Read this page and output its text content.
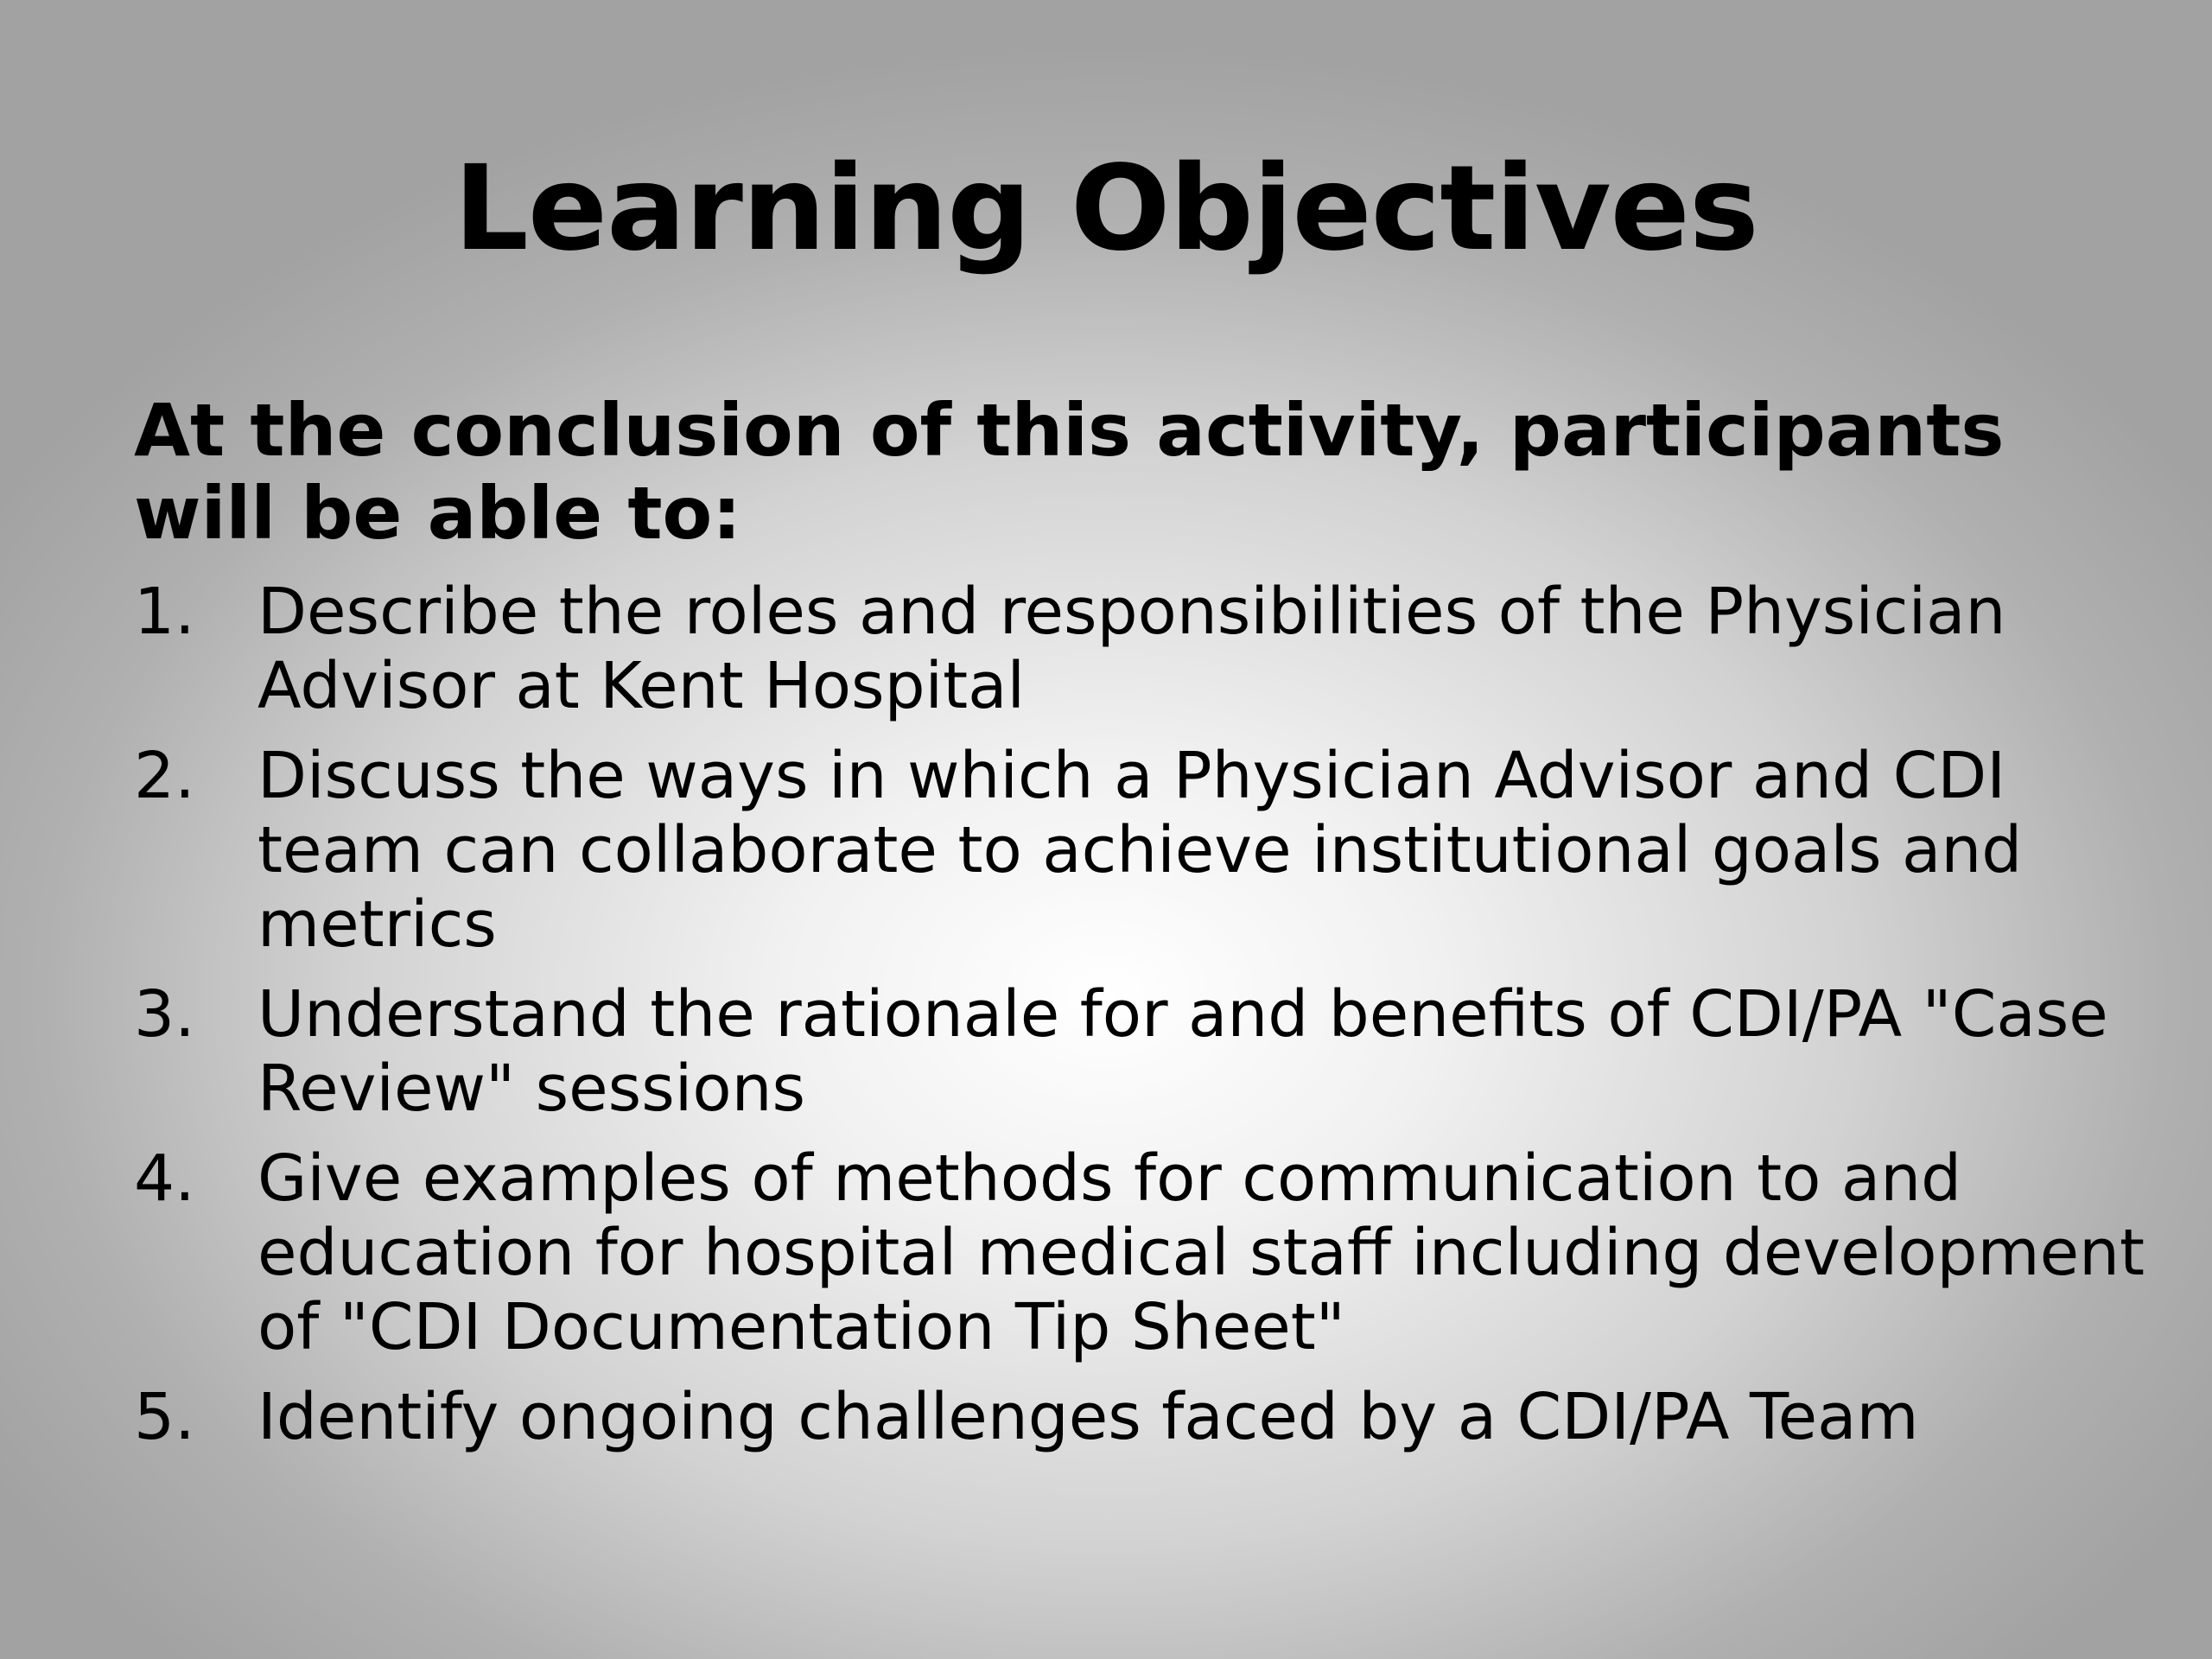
Learning Objectives

At the conclusion of this activity, participants will be able to:

1. Describe the roles and responsibilities of the Physician Advisor at Kent Hospital
2. Discuss the ways in which a Physician Advisor and CDI team can collaborate to achieve institutional goals and metrics
3. Understand the rationale for and benefits of CDI/PA "Case Review" sessions
4. Give examples of methods for communication to and education for hospital medical staff including development of "CDI Documentation Tip Sheet"
5. Identify ongoing challenges faced by a CDI/PA Team
